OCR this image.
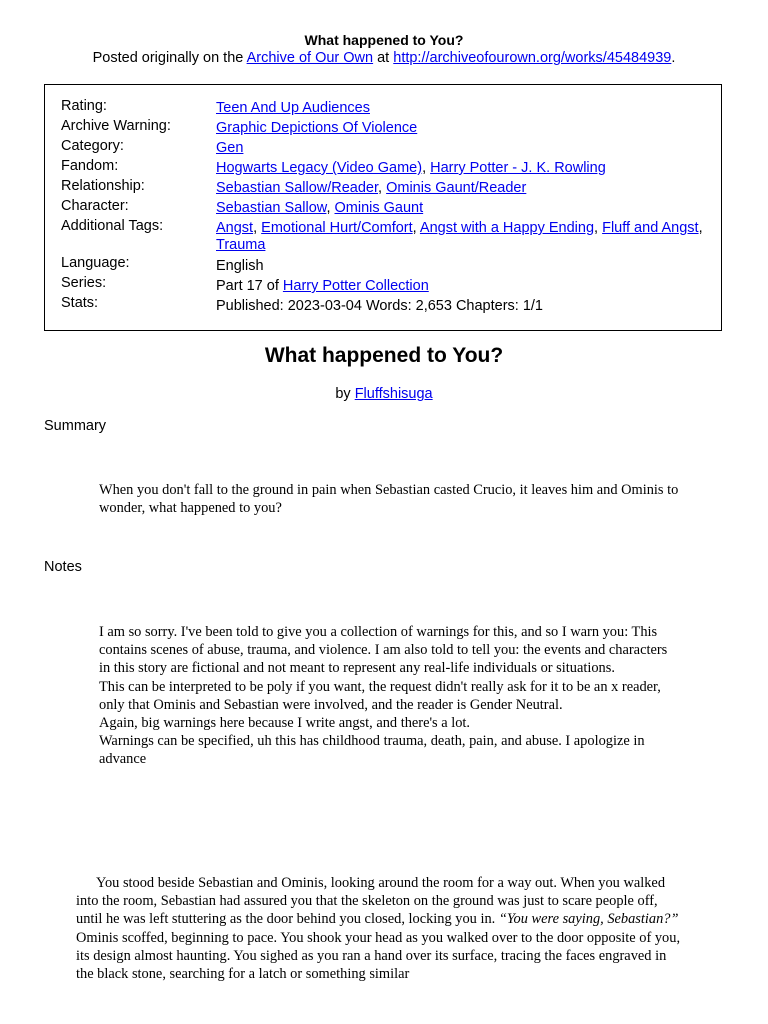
What happened to You?
Posted originally on the Archive of Our Own at http://archiveofourown.org/works/45484939.
Rating:	Teen And Up Audiences
Archive Warning:	Graphic Depictions Of Violence
Category:	Gen
Fandom:	Hogwarts Legacy (Video Game), Harry Potter - J. K. Rowling
Relationship:	Sebastian Sallow/Reader, Ominis Gaunt/Reader
Character:	Sebastian Sallow, Ominis Gaunt
Additional Tags:	Angst, Emotional Hurt/Comfort, Angst with a Happy Ending, Fluff and Angst, Trauma
Language:	English
Series:	Part 17 of Harry Potter Collection
Stats:	Published: 2023-03-04 Words: 2,653 Chapters: 1/1
What happened to You?
by Fluffshisuga
Summary
When you don't fall to the ground in pain when Sebastian casted Crucio, it leaves him and Ominis to wonder, what happened to you?
Notes

I am so sorry. I've been told to give you a collection of warnings for this, and so I warn you: This contains scenes of abuse, trauma, and violence. I am also told to tell you: the events and characters in this story are fictional and not meant to represent any real-life individuals or situations.

This can be interpreted to be poly if you want, the request didn't really ask for it to be an x reader, only that Ominis and Sebastian were involved, and the reader is Gender Neutral.

Again, big warnings here because I write angst, and there's a lot.

Warnings can be specified, uh this has childhood trauma, death, pain, and abuse. I apologize in advance

You stood beside Sebastian and Ominis, looking around the room for a way out. When you walked into the room, Sebastian had assured you that the skeleton on the ground was just to scare people off, until he was left stuttering as the door behind you closed, locking you in. “You were saying, Sebastian?” Ominis scoffed, beginning to pace. You shook your head as you walked over to the door opposite of you, its design almost haunting. You sighed as you ran a hand over its surface, tracing the faces engraved in the black stone, searching for a latch or something similar
